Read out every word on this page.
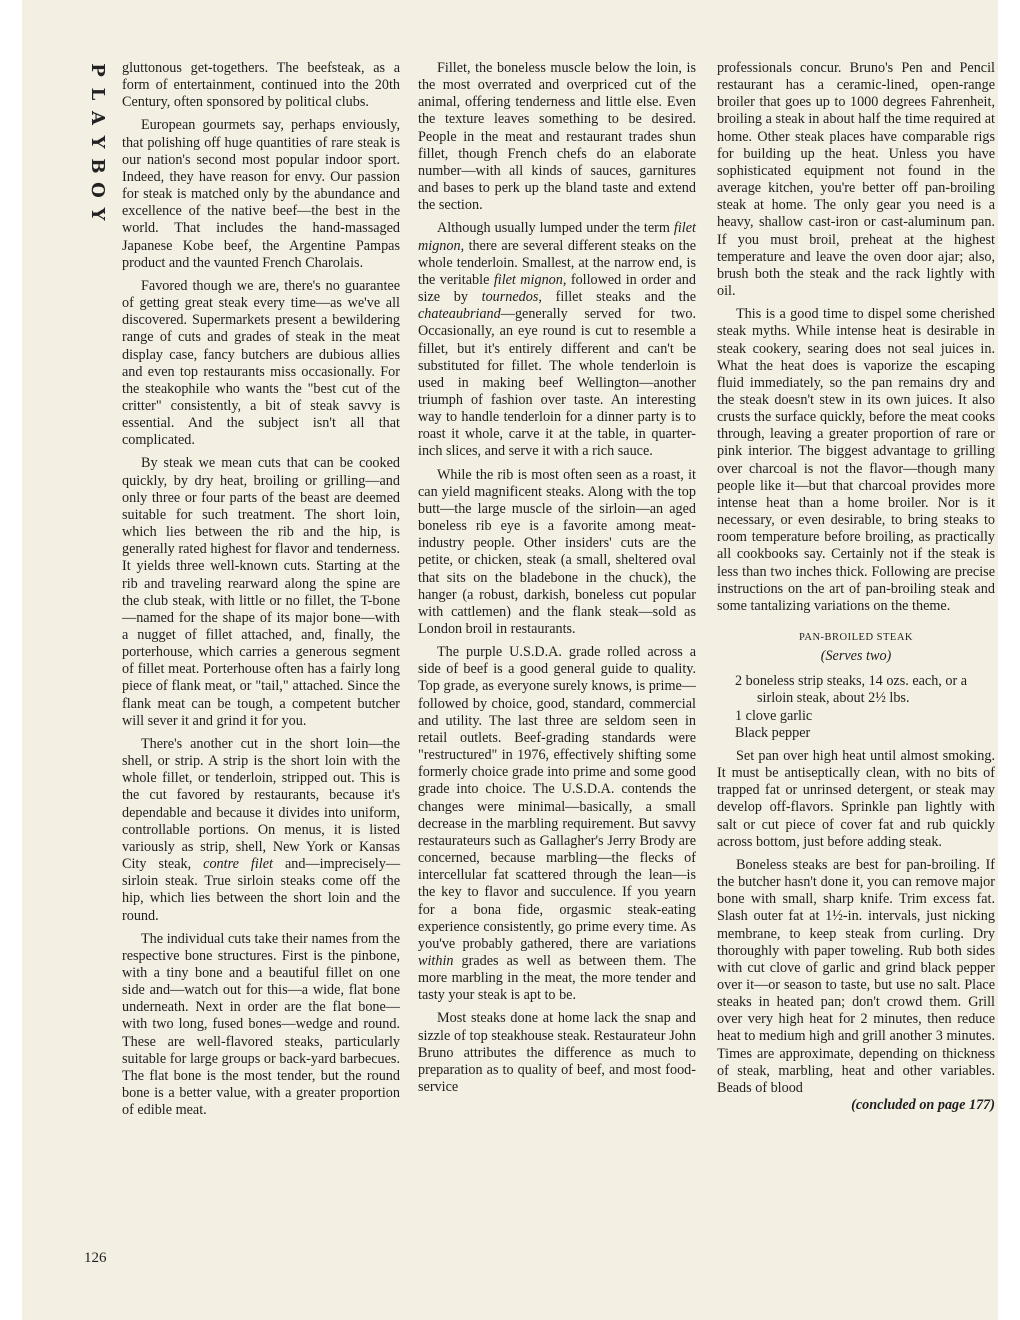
P
L
A
Y
B
O
Y

gluttonous get-togethers. The beefsteak, as a form of entertainment, continued into the 20th Century, often sponsored by political clubs.

European gourmets say, perhaps enviously, that polishing off huge quantities of rare steak is our nation's second most popular indoor sport. Indeed, they have reason for envy. Our passion for steak is matched only by the abundance and excellence of the native beef—the best in the world. That includes the hand-massaged Japanese Kobe beef, the Argentine Pampas product and the vaunted French Charolais.

Favored though we are, there's no guarantee of getting great steak every time—as we've all discovered. Supermarkets present a bewildering range of cuts and grades of steak in the meat display case, fancy butchers are dubious allies and even top restaurants miss occasionally. For the steakophile who wants the "best cut of the critter" consistently, a bit of steak savvy is essential. And the subject isn't all that complicated.

By steak we mean cuts that can be cooked quickly, by dry heat, broiling or grilling—and only three or four parts of the beast are deemed suitable for such treatment. The short loin, which lies between the rib and the hip, is generally rated highest for flavor and tenderness. It yields three well-known cuts. Starting at the rib and traveling rearward along the spine are the club steak, with little or no fillet, the T-bone—named for the shape of its major bone—with a nugget of fillet attached, and, finally, the porterhouse, which carries a generous segment of fillet meat. Porterhouse often has a fairly long piece of flank meat, or "tail," attached. Since the flank meat can be tough, a competent butcher will sever it and grind it for you.

There's another cut in the short loin—the shell, or strip. A strip is the short loin with the whole fillet, or tenderloin, stripped out. This is the cut favored by restaurants, because it's dependable and because it divides into uniform, controllable portions. On menus, it is listed variously as strip, shell, New York or Kansas City steak, contre filet and—imprecisely—sirloin steak. True sirloin steaks come off the hip, which lies between the short loin and the round.

The individual cuts take their names from the respective bone structures. First is the pinbone, with a tiny bone and a beautiful fillet on one side and—watch out for this—a wide, flat bone underneath. Next in order are the flat bone—with two long, fused bones—wedge and round. These are well-flavored steaks, particularly suitable for large groups or back-yard barbecues. The flat bone is the most tender, but the round bone is a better value, with a greater proportion of edible meat.

Fillet, the boneless muscle below the loin, is the most overrated and overpriced cut of the animal, offering tenderness and little else. Even the texture leaves something to be desired. People in the meat and restaurant trades shun fillet, though French chefs do an elaborate number—with all kinds of sauces, garnitures and bases to perk up the bland taste and extend the section.

Although usually lumped under the term filet mignon, there are several different steaks on the whole tenderloin. Smallest, at the narrow end, is the veritable filet mignon, followed in order and size by tournedos, fillet steaks and the chateaubriand—generally served for two. Occasionally, an eye round is cut to resemble a fillet, but it's entirely different and can't be substituted for fillet. The whole tenderloin is used in making beef Wellington—another triumph of fashion over taste. An interesting way to handle tenderloin for a dinner party is to roast it whole, carve it at the table, in quarter-inch slices, and serve it with a rich sauce.

While the rib is most often seen as a roast, it can yield magnificent steaks. Along with the top butt—the large muscle of the sirloin—an aged boneless rib eye is a favorite among meat-industry people. Other insiders' cuts are the petite, or chicken, steak (a small, sheltered oval that sits on the bladebone in the chuck), the hanger (a robust, darkish, boneless cut popular with cattlemen) and the flank steak—sold as London broil in restaurants.

The purple U.S.D.A. grade rolled across a side of beef is a good general guide to quality. Top grade, as everyone surely knows, is prime—followed by choice, good, standard, commercial and utility. The last three are seldom seen in retail outlets. Beef-grading standards were "restructured" in 1976, effectively shifting some formerly choice grade into prime and some good grade into choice. The U.S.D.A. contends the changes were minimal—basically, a small decrease in the marbling requirement. But savvy restaurateurs such as Gallagher's Jerry Brody are concerned, because marbling—the flecks of intercellular fat scattered through the lean—is the key to flavor and succulence. If you yearn for a bona fide, orgasmic steak-eating experience consistently, go prime every time. As you've probably gathered, there are variations within grades as well as between them. The more marbling in the meat, the more tender and tasty your steak is apt to be.

Most steaks done at home lack the snap and sizzle of top steakhouse steak. Restaurateur John Bruno attributes the difference as much to preparation as to quality of beef, and most food-service

professionals concur. Bruno's Pen and Pencil restaurant has a ceramic-lined, open-range broiler that goes up to 1000 degrees Fahrenheit, broiling a steak in about half the time required at home. Other steak places have comparable rigs for building up the heat. Unless you have sophisticated equipment not found in the average kitchen, you're better off pan-broiling steak at home. The only gear you need is a heavy, shallow cast-iron or cast-aluminum pan. If you must broil, preheat at the highest temperature and leave the oven door ajar; also, brush both the steak and the rack lightly with oil.

This is a good time to dispel some cherished steak myths. While intense heat is desirable in steak cookery, searing does not seal juices in. What the heat does is vaporize the escaping fluid immediately, so the pan remains dry and the steak doesn't stew in its own juices. It also crusts the surface quickly, before the meat cooks through, leaving a greater proportion of rare or pink interior. The biggest advantage to grilling over charcoal is not the flavor—though many people like it—but that charcoal provides more intense heat than a home broiler. Nor is it necessary, or even desirable, to bring steaks to room temperature before broiling, as practically all cookbooks say. Certainly not if the steak is less than two inches thick. Following are precise instructions on the art of pan-broiling steak and some tantalizing variations on the theme.

PAN-BROILED STEAK

(Serves two)

2 boneless strip steaks, 14 ozs. each, or a sirloin steak, about 2½ lbs.
1 clove garlic
Black pepper

Set pan over high heat until almost smoking. It must be antiseptically clean, with no bits of trapped fat or unrinsed detergent, or steak may develop off-flavors. Sprinkle pan lightly with salt or cut piece of cover fat and rub quickly across bottom, just before adding steak.

Boneless steaks are best for pan-broiling. If the butcher hasn't done it, you can remove major bone with small, sharp knife. Trim excess fat. Slash outer fat at 1½-in. intervals, just nicking membrane, to keep steak from curling. Dry thoroughly with paper toweling. Rub both sides with cut clove of garlic and grind black pepper over it—or season to taste, but use no salt. Place steaks in heated pan; don't crowd them. Grill over very high heat for 2 minutes, then reduce heat to medium high and grill another 3 minutes. Times are approximate, depending on thickness of steak, marbling, heat and other variables. Beads of blood

(concluded on page 177)

126
